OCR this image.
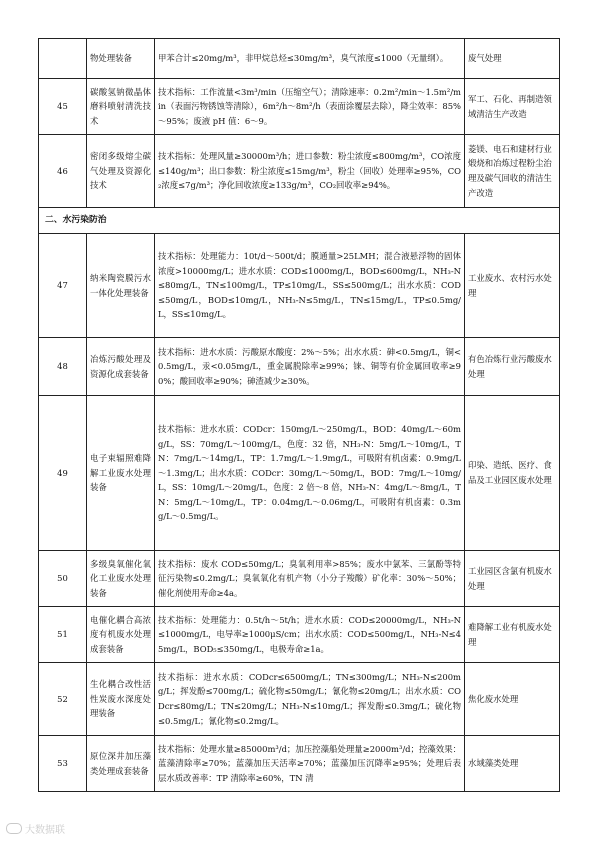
	物处理装备	甲苯合计≤20mg/m³，非甲烷总烃≤30mg/m³，臭气浓度≤1000（无量纲）。	废气处理
45	碳酸氢钠微晶体磨料喷射清洗技术	技术指标：工作流量<3m³/min（压缩空气）；清除速率：0.2m²/min～1.5m²/min（表面污物锈蚀等清除），6m²/h～8m²/h（表面涂覆层去除），降尘效率：85%～95%；废液 pH 值：6～9。	军工、石化、再制造领域清洁生产改造
46	密闭多级熔尘碳气处理及资源化技术	技术指标：处理风量≥30000m³/h；进口参数：粉尘浓度≤800mg/m³，CO浓度≤140g/m³；出口参数：粉尘浓度≤15mg/m³，粉尘（回收）处理率≥95%，CO₂浓度≤7g/m³；净化回收浓度≥133g/m³，CO₂回收率≥94%。	菱镁、电石和建材行业煅烧和冶炼过程粉尘治理及碳气回收的清洁生产改造
二、水污染防治			
47	纳米陶瓷膜污水一体化处理装备	技术指标：处理能力：10t/d～500t/d；膜通量>25LMH；混合液悬浮物的固体浓度>10000mg/L；进水水质：COD≤1000mg/L，BOD≤600mg/L，NH₃-N≤80mg/L，TN≤100mg/L，TP≤10mg/L，SS≤500mg/L；出水水质：COD≤50mg/L，BOD≤10mg/L，NH₃-N≤5mg/L，TN≤15mg/L，TP≤0.5mg/L，SS≤10mg/L。	工业废水、农村污水处理
48	冶炼污酸处理及资源化成套装备	技术指标：进水水质：污酸原水酸度：2%～5%；出水水质：砷<0.5mg/L，铜<0.5mg/L，汞<0.05mg/L，重金属脱除率≥99%；铼、铜等有价金属回收率≥90%；酸回收率≥90%；砷渣减少≥30%。	有色冶炼行业污酸废水处理
49	电子束辐照难降解工业废水处理装备	技术指标：进水水质：CODcr：150mg/L～250mg/L，BOD：40mg/L～60mg/L，SS：70mg/L～100mg/L，色度：32 倍，NH₃-N：5mg/L～10mg/L，TN：7mg/L～14mg/L，TP：1.7mg/L～1.9mg/L，可吸附有机卤素：0.9mg/L～1.3mg/L；出水水质：CODcr：30mg/L～50mg/L，BOD：7mg/L～10mg/L，SS：10mg/L～20mg/L，色度：2 倍～8 倍，NH₃-N：4mg/L～8mg/L，TN：5mg/L～10mg/L，TP：0.04mg/L～0.06mg/L，可吸附有机卤素：0.3mg/L～0.5mg/L。	印染、造纸、医疗、食品及工业园区废水处理
50	多级臭氧催化氧化工业废水处理装备	技术指标：废水 COD≤50mg/L；臭氧利用率>85%；废水中氯苯、三氯酚等特征污染物≤0.2mg/L；臭氧氧化有机产物（小分子羧酸）矿化率：30%～50%；催化剂使用寿命≥4a。	工业园区含氯有机废水处理
51	电催化耦合高浓度有机废水处理成套装备	技术指标：处理能力：0.5t/h～5t/h；进水水质：COD≤20000mg/L，NH₃-N≤1000mg/L，电导率≥1000μS/cm；出水水质：COD≤500mg/L，NH₃-N≤45mg/L，BOD₅≤350mg/L，电极寿命≥1a。	难降解工业有机废水处理
52	生化耦合改性活性炭废水深度处理装备	技术指标：进水水质：CODcr≤6500mg/L；TN≤300mg/L；NH₃-N≤200mg/L；挥发酚≤700mg/L；硫化物≤50mg/L；氰化物≤20mg/L；出水水质：CODcr≤80mg/L；TN≤20mg/L；NH₃-N≤10mg/L；挥发酚≤0.3mg/L；硫化物≤0.5mg/L；氰化物≤0.2mg/L。	焦化废水处理
53	原位深井加压藻类处理成套装备	技术指标：处理水量≥85000m³/d；加压控藻船处理量≥2000m³/d；控藻效果：蓝藻清除率≥70%；蓝藻加压天活率≥70%；蓝藻加压沉降率≥95%；处理后表层水质改善率：TP 清除率≥60%，TN 清	水域藻类处理
大数据联
